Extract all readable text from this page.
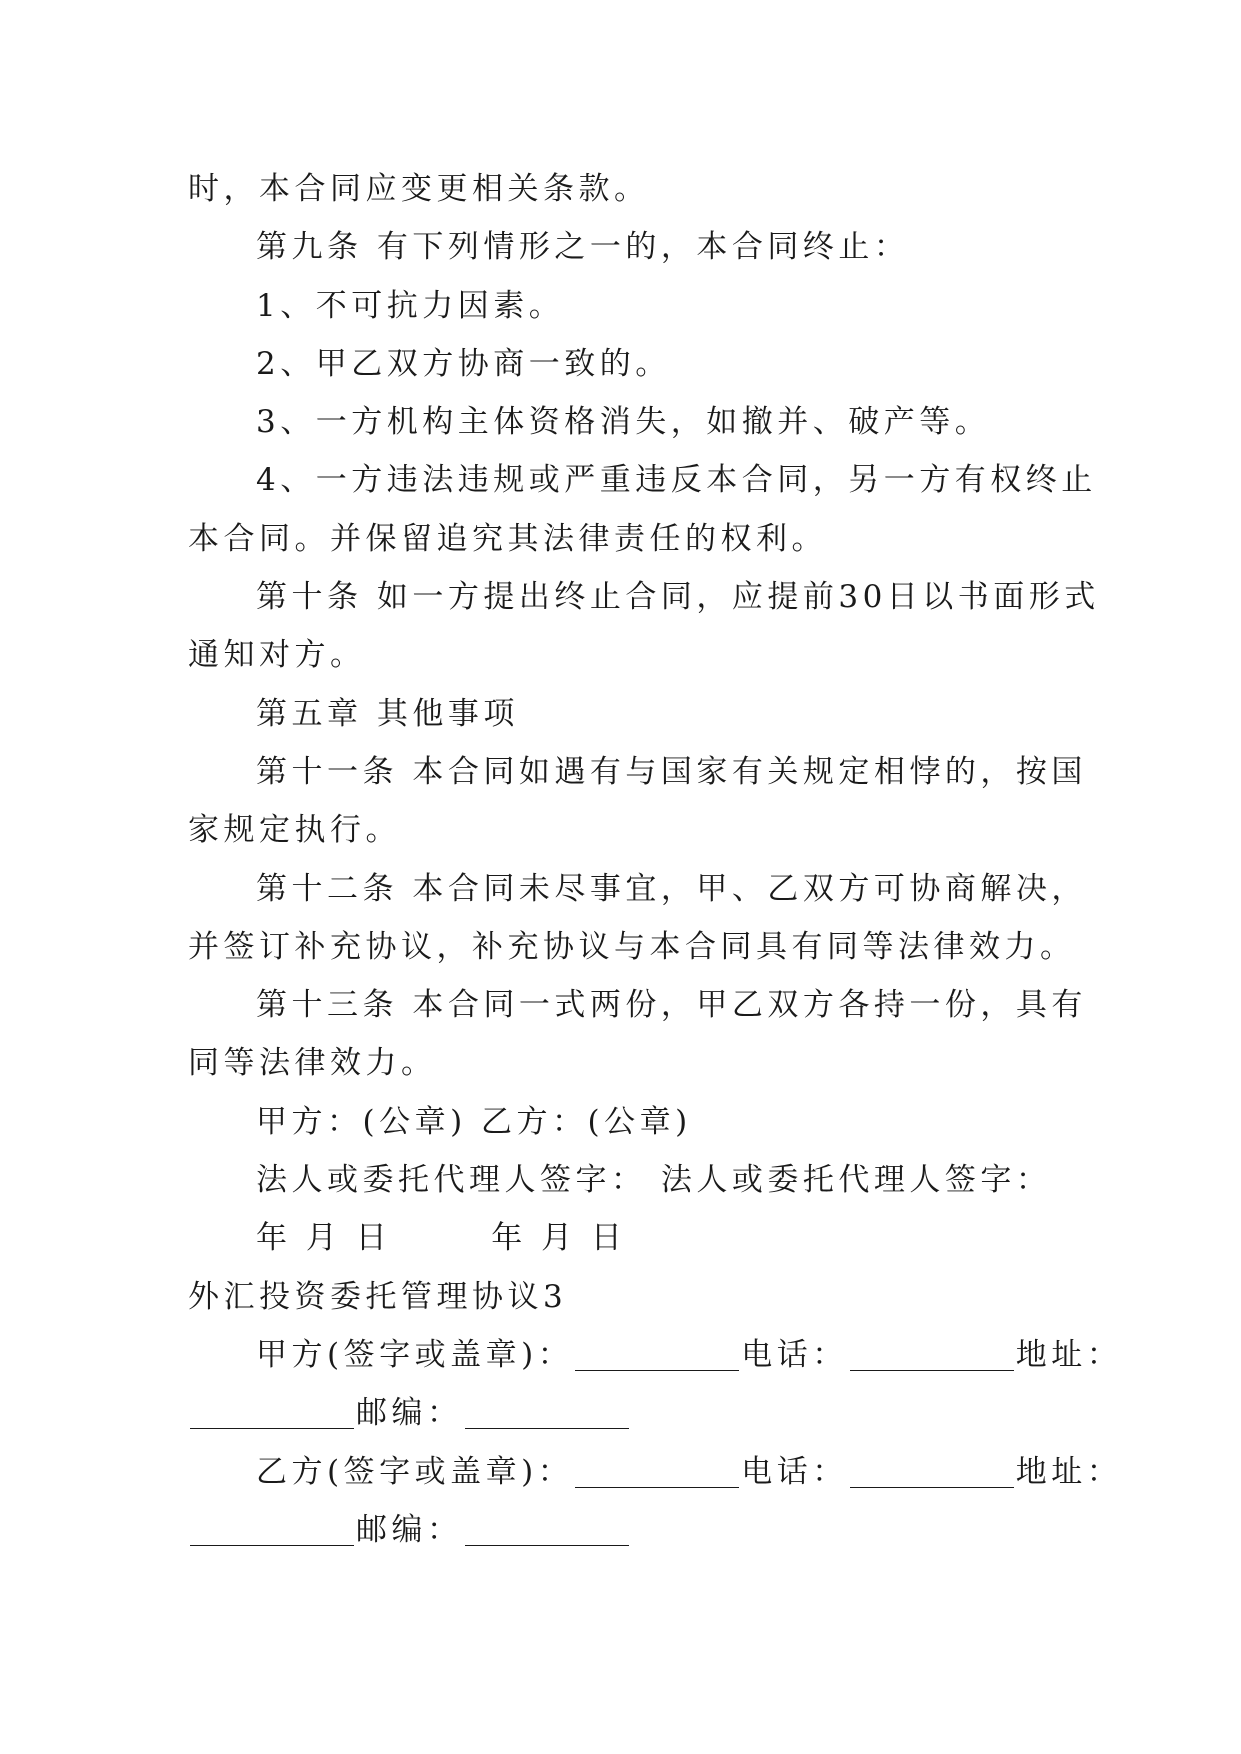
时，本合同应变更相关条款。
第九条 有下列情形之一的，本合同终止：
1、不可抗力因素。
2、甲乙双方协商一致的。
3、一方机构主体资格消失，如撤并、破产等。
4、一方违法违规或严重违反本合同，另一方有权终止
本合同。并保留追究其法律责任的权利。
第十条 如一方提出终止合同，应提前30日以书面形式
通知对方。
第五章 其他事项
第十一条 本合同如遇有与国家有关规定相悖的，按国
家规定执行。
第十二条 本合同未尽事宜，甲、乙双方可协商解决，
并签订补充协议，补充协议与本合同具有同等法律效力。
第十三条 本合同一式两份，甲乙双方各持一份，具有
同等法律效力。
甲方：(公章) 乙方：(公章)
法人或委托代理人签字： 法人或委托代理人签字：
年 月 日	年 月 日
外汇投资委托管理协议3
甲方(签字或盖章)：	电话：	地址：
邮编：
乙方(签字或盖章)：	电话：	地址：
邮编：
